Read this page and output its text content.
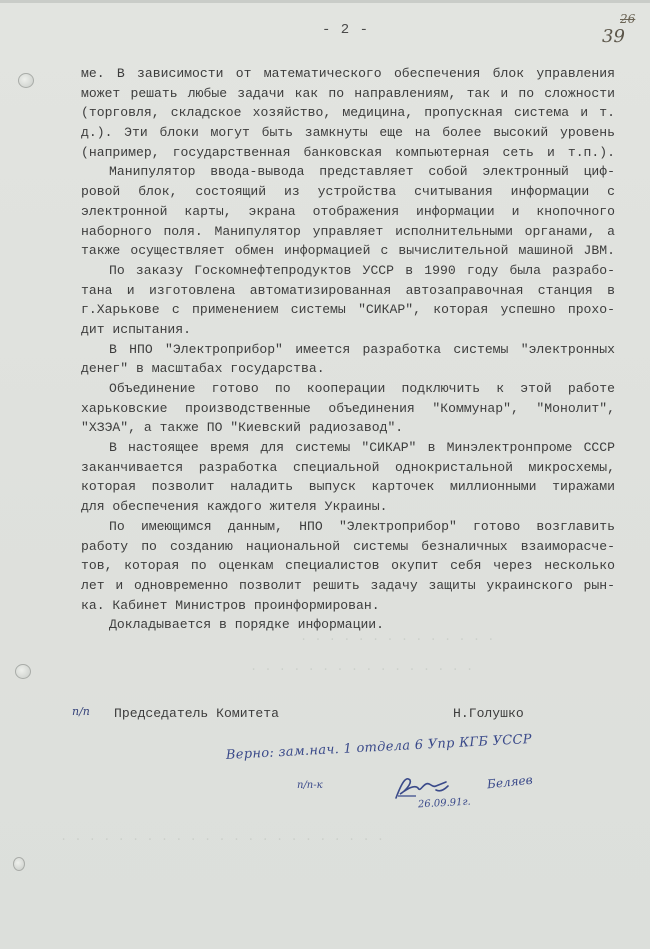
- 2 -
26
39
. . . . . . . . . . . . . .
. . . . . . . . . . . . . . . .
. . . . . . . . . . . . . . . . . . . . . . .
ме. В зависимости от математического обеспечения блок управления
может решать любые задачи как по направлениям, так и по сложности
(торговля, складское хозяйство, медицина, пропускная система и т.
д.). Эти блоки могут быть замкнуты еще на более высокий уровень
(например, государственная банковская компьютерная сеть и т.п.).
Манипулятор ввода-вывода представляет собой электронный циф-
ровой блок, состоящий из устройства считывания информации с
электронной карты, экрана отображения информации и кнопочного
наборного поля. Манипулятор управляет исполнительными органами, а
также осуществляет обмен информацией с вычислительной машиной JBM.
По заказу Госкомнефтепродуктов УССР в 1990 году была разрабо-
тана и изготовлена автоматизированная автозаправочная станция в
г.Харькове с применением системы "СИКАР", которая успешно прохо-
дит испытания.
В НПО "Электроприбор" имеется разработка системы "электронных
денег" в масштабах государства.
Объединение готово по кооперации подключить к этой работе
харьковские производственные объединения "Коммунар", "Монолит",
"ХЗЭА", а также ПО "Киевский радиозавод".
В настоящее время для системы "СИКАР" в Минэлектронпроме СССР
заканчивается разработка специальной однокристальной микросхемы,
которая позволит наладить выпуск карточек миллионными тиражами
для обеспечения каждого жителя Украины.
По имеющимся данным, НПО "Электроприбор" готово возглавить
работу по созданию национальной системы безналичных взаиморасче-
тов, которая по оценкам специалистов окупит себя через несколько
лет и одновременно позволит решить задачу защиты украинского рын-
ка. Кабинет Министров проинформирован.
Докладывается в порядке информации.
п/п Председатель Комитета	Н.Голушко
Верно: зам.нач. 1 отдела 6 Упр КГБ УССР
п/п-к	Беляев
26.09.91г.
